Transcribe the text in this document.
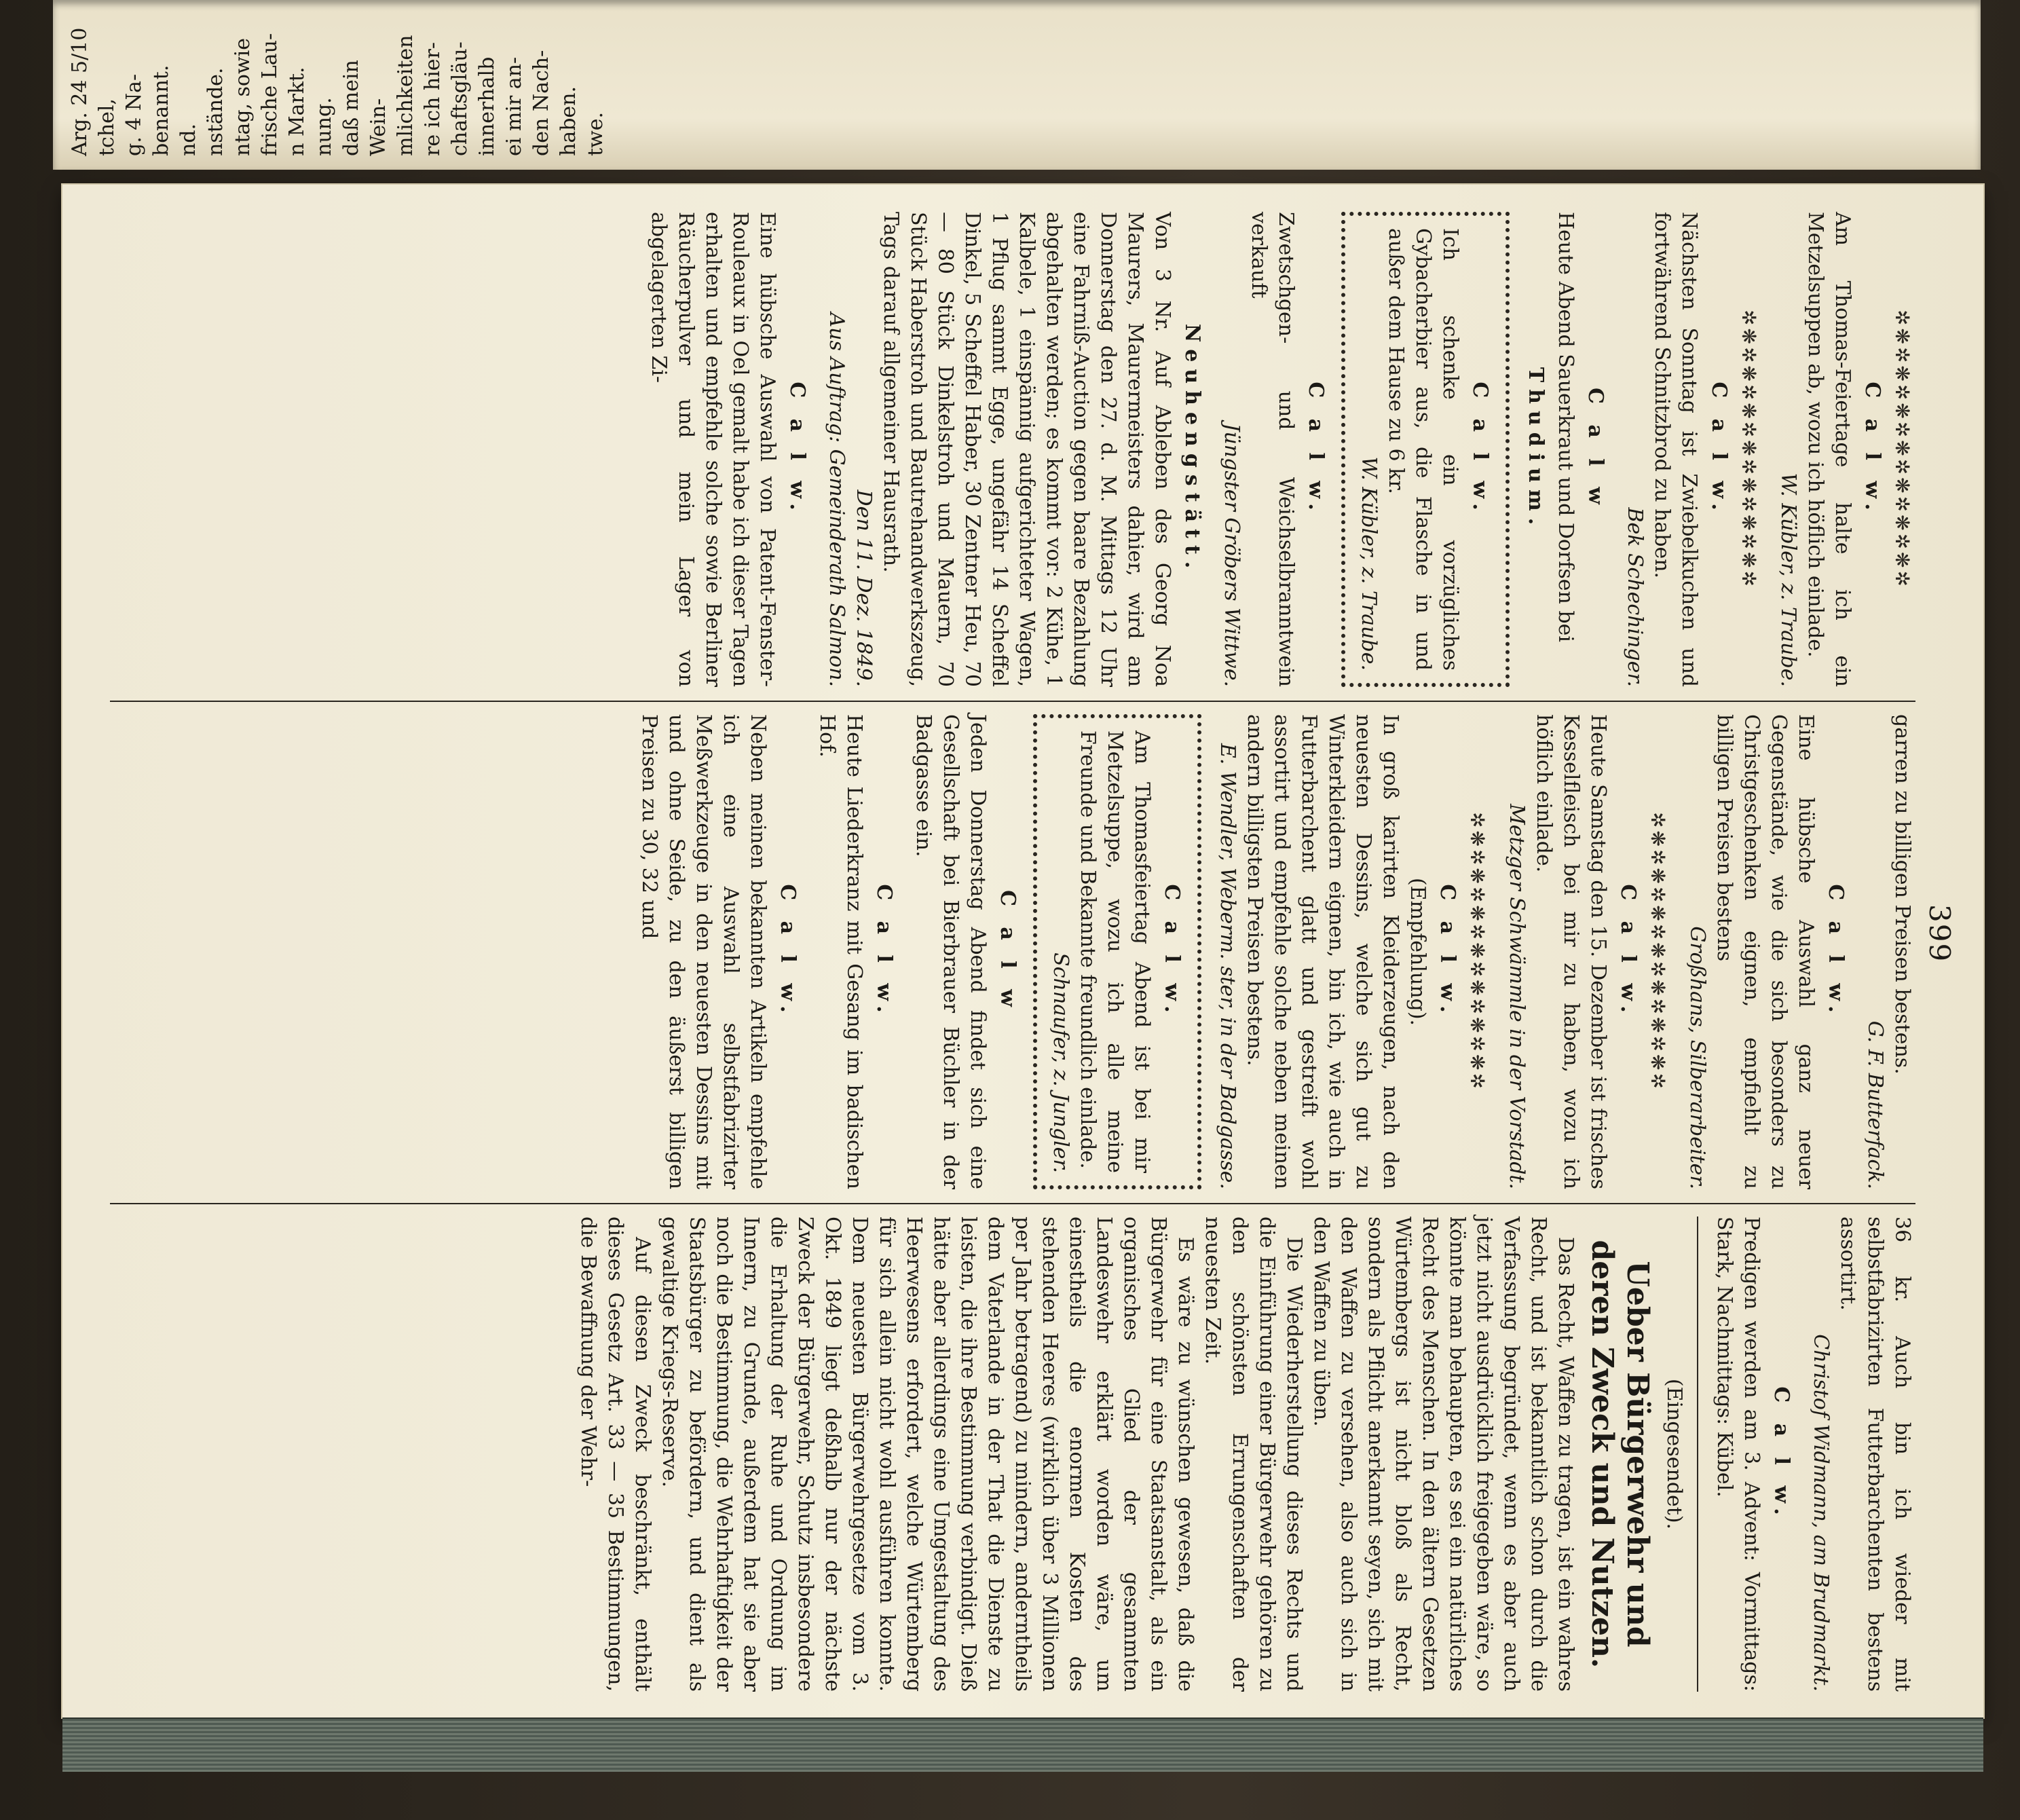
Arg. 24 5/10 tchel, g. 4 Na- benannt. nd. nstände. ntag, sowie frische Lau- n Markt. nung. daß mein Wein- mlichkeiten re ich hier- chaftsgläu- innerhalb ei mir an- den Nach- haben. twe.
399
✲❋✲❋✲❋✲❋✲❋✲❋✲❋✲
C a l w.

Am Thomas-Feiertage halte ich ein Metzelsuppen ab, wozu ich höflich einlade.

W. Kübler, z. Traube.
✲❋✲❋✲❋✲❋✲❋✲❋✲❋✲
C a l w.

Nächsten Sonntag ist Zwiebelkuchen und fortwährend Schnitzbrod zu haben.

Bek Schechinger.
C a l w

Heute Abend Sauerkraut und Dorfsen bei

Thudium.
C a l w.

Ich schenke ein vorzügliches Gybacherbier aus, die Flasche in und außer dem Hause zu 6 kr.

W. Kübler, z. Traube.
C a l w.

Zwetschgen- und Weichselbranntwein verkauft

Jüngster Gröbers Wittwe.
Neuhengstätt.

Von 3 Nr. Auf Ableben des Georg Noa Maurers, Maurermeisters dahier, wird am Donnerstag den 27. d. M. Mittags 12 Uhr eine Fahrniß-Auction gegen baare Bezahlung abgehalten werden; es kommt vor: 2 Kühe, 1 Kalbele, 1 einspännig aufgerichteter Wagen, 1 Pflug sammt Egge, ungefähr 14 Scheffel Dinkel, 5 Scheffel Haber, 30 Zentner Heu, 70 — 80 Stück Dinkelstroh und Mauern, 70 Stück Haberstroh und Bautrehandwerkszeug, Tags darauf allgemeiner Hausrath.

Den 11. Dez. 1849.
Aus Auftrag: Gemeinderath Salmon.
C a l w.

Eine hübsche Auswahl von Patent-Fenster-Rouleaux in Oel gemalt habe ich dieser Tagen erhalten und empfehle solche sowie Berliner Räucherpulver und mein Lager von abgelagerten Zi-

garren zu billigen Preisen bestens.

G. F. Butterfack.
C a l w.

Eine hübsche Auswahl ganz neuer Gegenstände, wie die sich besonders zu Christgeschenken eignen, empfiehlt zu billigen Preisen bestens

Großhans, Silberarbeiter.
✲❋✲❋✲❋✲❋✲❋✲❋✲❋✲
C a l w.

Heute Samstag den 15. Dezember ist frisches Kesselfleisch bei mir zu haben, wozu ich höflich einlade.

Metzger Schwämmle in der Vorstadt.
✲❋✲❋✲❋✲❋✲❋✲❋✲❋✲
C a l w.
(Empfehlung).

In groß karirten Kleiderzeugen, nach den neuesten Dessins, welche sich gut zu Winterkleidern eignen, bin ich, wie auch in Futterbarchent glatt und gestreift wohl assortirt und empfehle solche neben meinen andern billigsten Preisen bestens.

E. Wendler, Weberm. ster, in der Badgasse.
C a l w.

Am Thomasfeiertag Abend ist bei mir Metzelsuppe, wozu ich alle meine Freunde und Bekannte freundlich einlade.

Schnaufer, z. Jungler.
C a l w

Jeden Donnerstag Abend findet sich eine Gesellschaft bei Bierbrauer Büchler in der Badgasse ein.

C a l w.

Heute Liederkranz mit Gesang im badischen Hof.

C a l w.

Neben meinen bekannten Artikeln empfehle ich eine Auswahl selbstfabrizirter Meßwerkzeuge in den neuesten Dessins mit und ohne Seide, zu den äußerst billigen Preisen zu 30, 32 und

36 kr. Auch bin ich wieder mit selbstfabrizirten Futterbarchenten bestens assortirt.

Christof Widmann, am Brudmarkt.
C a l w.

Predigen werden am 3. Advent: Vormittags: Stark, Nachmittags: Kübel.

(Eingesendet).
Ueber Bürgerwehr und deren Zweck und Nutzen.

Das Recht, Waffen zu tragen, ist ein wahres Recht, und ist bekanntlich schon durch die Verfassung begründet, wenn es aber auch jetzt nicht ausdrücklich freigegeben wäre, so könnte man behaupten, es sei ein natürliches Recht des Menschen. In den ältern Gesetzen Würtembergs ist nicht bloß als Recht, sondern als Pflicht anerkannt seyen, sich mit den Waffen zu versehen, also auch sich in den Waffen zu üben.

Die Wiederherstellung dieses Rechts und die Einführung einer Bürgerwehr gehören zu den schönsten Errungenschaften der neuesten Zeit.

Es wäre zu wünschen gewesen, daß die Bürgerwehr für eine Staatsanstalt, als ein organisches Glied der gesammten Landeswehr erklärt worden wäre, um einestheils die enormen Kosten des stehenden Heeres (wirklich über 3 Millionen per Jahr betragend) zu mindern, anderntheils dem Vaterlande in der That die Dienste zu leisten, die ihre Bestimmung verbindigt. Dieß hätte aber allerdings eine Umgestaltung des Heerwesens erfordert, welche Würtemberg für sich allein nicht wohl ausführen konnte. Dem neuesten Bürgerwehrgesetze vom 3. Okt. 1849 liegt deßhalb nur der nächste Zweck der Bürgerwehr, Schutz insbesondere die Erhaltung der Ruhe und Ordnung im Innern, zu Grunde, außerdem hat sie aber noch die Bestimmung, die Wehrhaftigkeit der Staatsbürger zu befördern, und dient als gewaltige Kriegs-Reserve.

Auf diesen Zweck beschränkt, enthält dieses Gesetz Art. 33 — 35 Bestimmungen, die Bewaffnung der Wehr-
